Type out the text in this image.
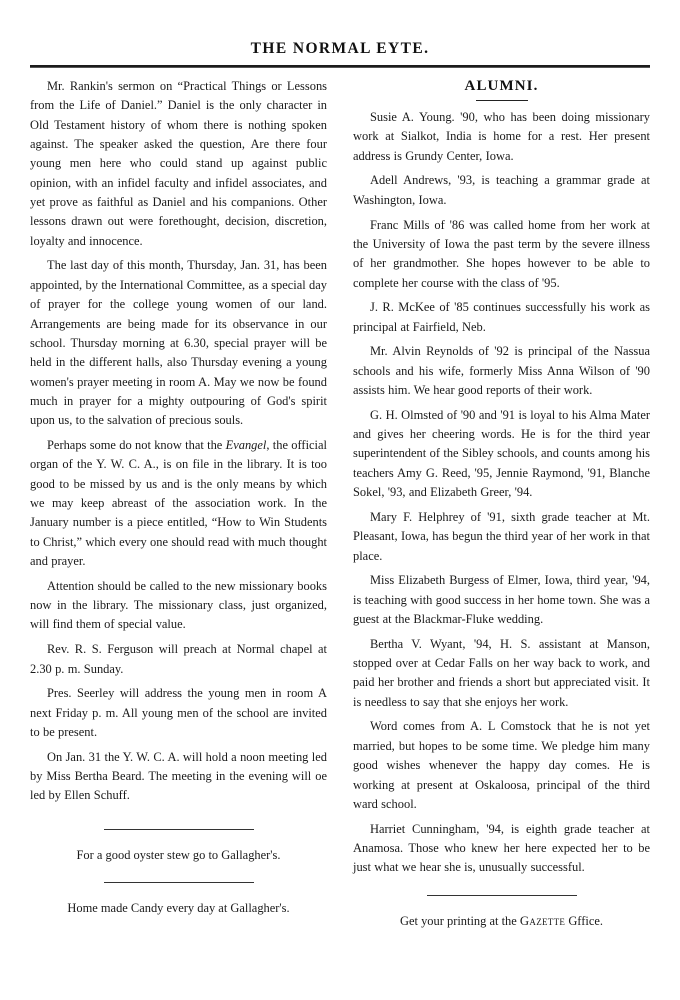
THE NORMAL EYTE.

Mr. Rankin's sermon on “Practical Things or Lessons from the Life of Daniel.” Daniel is the only character in Old Testament history of whom there is nothing spoken against. The speaker asked the question, Are there four young men here who could stand up against public opinion, with an infidel faculty and infidel associates, and yet prove as faithful as Daniel and his companions. Other lessons drawn out were forethought, decision, discretion, loyalty and innocence.

The last day of this month, Thursday, Jan. 31, has been appointed, by the International Committee, as a special day of prayer for the college young women of our land. Arrangements are being made for its observance in our school. Thursday morning at 6.30, special prayer will be held in the different halls, also Thursday evening a young women's prayer meeting in room A. May we now be found much in prayer for a mighty outpouring of God's spirit upon us, to the salvation of precious souls.

Perhaps some do not know that the Evangel, the official organ of the Y. W. C. A., is on file in the library. It is too good to be missed by us and is the only means by which we may keep abreast of the association work. In the January number is a piece entitled, “How to Win Students to Christ,” which every one should read with much thought and prayer.

Attention should be called to the new missionary books now in the library. The missionary class, just organized, will find them of special value.

Rev. R. S. Ferguson will preach at Normal chapel at 2.30 p. m. Sunday.

Pres. Seerley will address the young men in room A next Friday p. m. All young men of the school are invited to be present.

On Jan. 31 the Y. W. C. A. will hold a noon meeting led by Miss Bertha Beard. The meeting in the evening will oe led by Ellen Schuff.

For a good oyster stew go to Gallagher's.

Home made Candy every day at Gallagher's.

ALUMNI.

Susie A. Young. '90, who has been doing missionary work at Sialkot, India is home for a rest. Her present address is Grundy Center, Iowa.

Adell Andrews, '93, is teaching a grammar grade at Washington, Iowa.

Franc Mills of '86 was called home from her work at the University of Iowa the past term by the severe illness of her grandmother. She hopes however to be able to complete her course with the class of '95.

J. R. McKee of '85 continues successfully his work as principal at Fairfield, Neb.

Mr. Alvin Reynolds of '92 is principal of the Nassua schools and his wife, formerly Miss Anna Wilson of '90 assists him. We hear good reports of their work.

G. H. Olmsted of '90 and '91 is loyal to his Alma Mater and gives her cheering words. He is for the third year superintendent of the Sibley schools, and counts among his teachers Amy G. Reed, '95, Jennie Raymond, '91, Blanche Sokel, '93, and Elizabeth Greer, '94.

Mary F. Helphrey of '91, sixth grade teacher at Mt. Pleasant, Iowa, has begun the third year of her work in that place.

Miss Elizabeth Burgess of Elmer, Iowa, third year, '94, is teaching with good success in her home town. She was a guest at the Blackmar-Fluke wedding.

Bertha V. Wyant, '94, H. S. assistant at Manson, stopped over at Cedar Falls on her way back to work, and paid her brother and friends a short but appreciated visit. It is needless to say that she enjoys her work.

Word comes from A. L Comstock that he is not yet married, but hopes to be some time. We pledge him many good wishes whenever the happy day comes. He is working at present at Oskaloosa, principal of the third ward school.

Harriet Cunningham, '94, is eighth grade teacher at Anamosa. Those who knew her here expected her to be just what we hear she is, unusually successful.

Get your printing at the Gazette Gffice.
